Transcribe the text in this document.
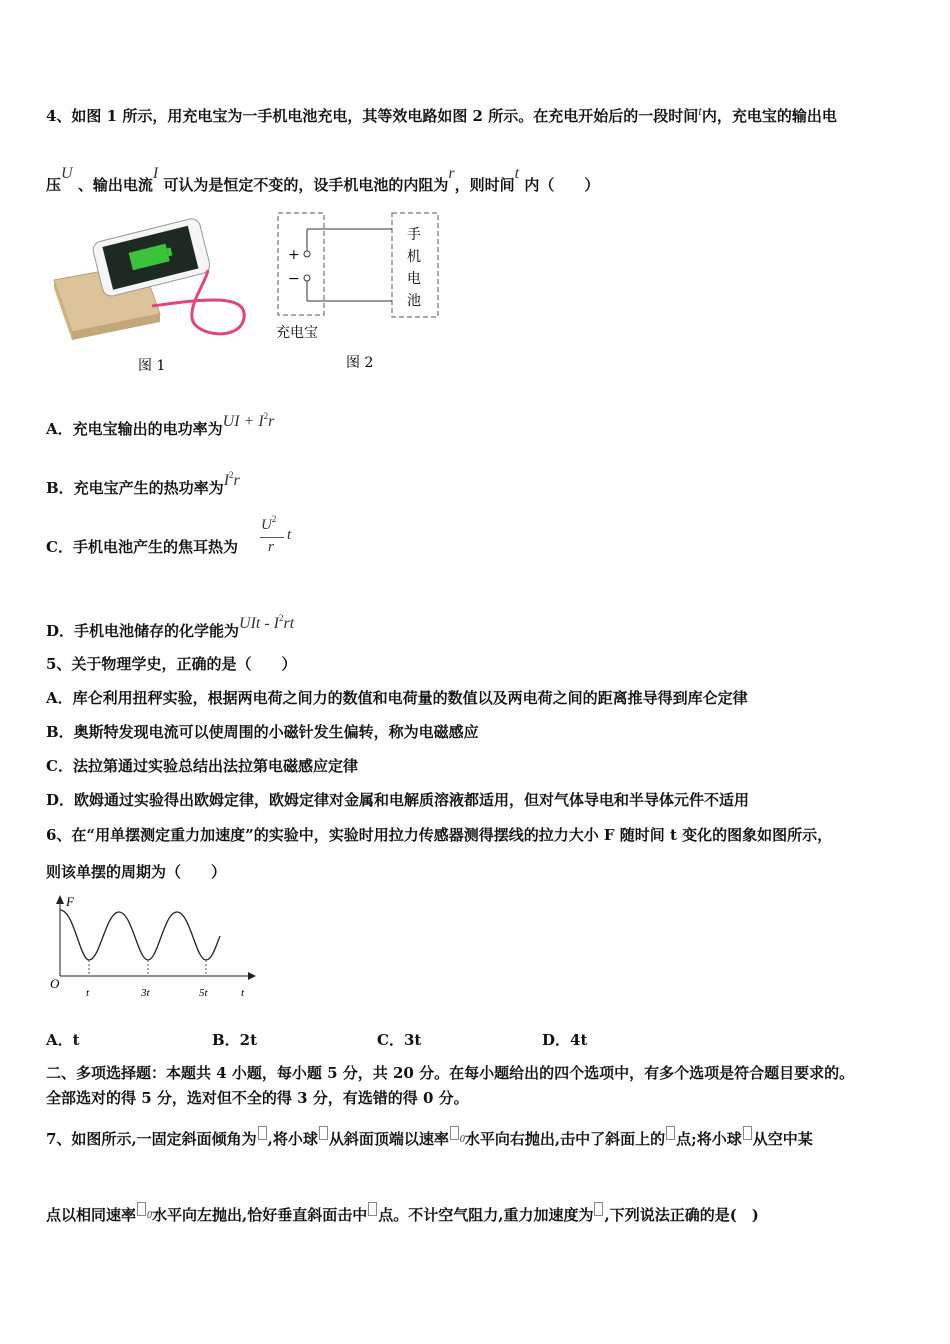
4、如图 1 所示，用充电宝为一手机电池充电，其等效电路如图 2 所示。在充电开始后的一段时间t内，充电宝的输出电
压U 、输出电流I 可认为是恒定不变的，设手机电池的内阻为r，则时间t 内（　　）
图 1
+
−
手
机
电
池
充电宝
图 2
A．充电宝输出的电功率为UI + $I^2r$
B．充电宝产生的热功率为$I^2r$
C．手机电池产生的焦耳热为
$U^2$
r
t
D．手机电池储存的化学能为UIt - $I^2rt$
5、关于物理学史，正确的是（　　）
A．库仑利用扭秤实验，根据两电荷之间力的数值和电荷量的数值以及两电荷之间的距离推导得到库仑定律
B．奥斯特发现电流可以使周围的小磁针发生偏转，称为电磁感应
C．法拉第通过实验总结出法拉第电磁感应定律
D．欧姆通过实验得出欧姆定律，欧姆定律对金属和电解质溶液都适用，但对气体导电和半导体元件不适用
6、在“用单摆测定重力加速度”的实验中，实验时用拉力传感器测得摆线的拉力大小 F 随时间 t 变化的图象如图所示，
则该单摆的周期为（　　）
F
O
t	3t	5t	t
A．t	B．2t	C．3t	D．4t
二、多项选择题：本题共 4 小题，每小题 5 分，共 20 分。在每小题给出的四个选项中，有多个选项是符合题目要求的。
全部选对的得 5 分，选对但不全的得 3 分，有选错的得 0 分。
7、如图所示,一固定斜面倾角为 ,将小球 从斜面顶端以速率 0水平向右抛出,击中了斜面上的 点;将小球 从空中某
点以相同速率 0水平向左抛出,恰好垂直斜面击中 点。不计空气阻力,重力加速度为 ,下列说法正确的是(　)
